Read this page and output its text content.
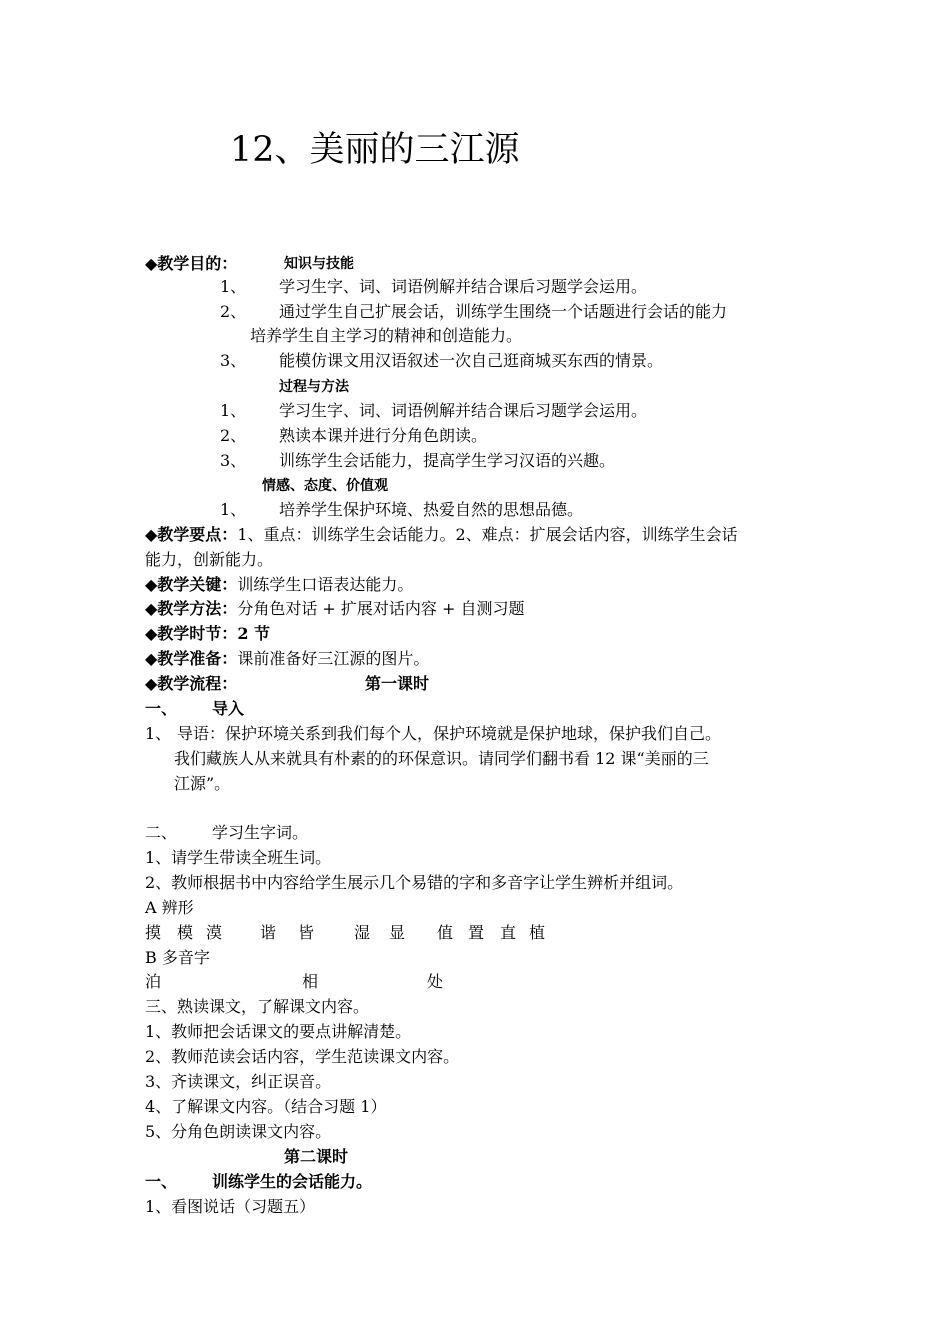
12、美丽的三江源
◆教学目的：	知识与技能
1、 学习生字、词、词语例解并结合课后习题学会运用。
2、 通过学生自己扩展会话，训练学生围绕一个话题进行会话的能力
培养学生自主学习的精神和创造能力。
3、 能模仿课文用汉语叙述一次自己逛商城买东西的情景。
过程与方法
1、 学习生字、词、词语例解并结合课后习题学会运用。
2、 熟读本课并进行分角色朗读。
3、 训练学生会话能力，提高学生学习汉语的兴趣。
情感、态度、价值观
1、 培养学生保护环境、热爱自然的思想品德。
◆教学要点：1、重点：训练学生会话能力。2、难点：扩展会话内容，训练学生会话
能力，创新能力。
◆教学关键：训练学生口语表达能力。
◆教学方法：分角色对话 + 扩展对话内容 + 自测习题
◆教学时节：2 节
◆教学准备：课前准备好三江源的图片。
◆教学流程：	第一课时
一、 导入
1、 导语：保护环境关系到我们每个人，保护环境就是保护地球，保护我们自己。
我们藏族人从来就具有朴素的的环保意识。请同学们翻书看 12 课“美丽的三
江源”。
二、 学习生字词。
1、请学生带读全班生词。
2、教师根据书中内容给学生展示几个易错的字和多音字让学生辨析并组词。
A 辨形
摸 模 漠 谐 皆 湿 显 值 置 直 植
B 多音字
泊	相	处
三、熟读课文，了解课文内容。
1、教师把会话课文的要点讲解清楚。
2、教师范读会话内容，学生范读课文内容。
3、齐读课文，纠正误音。
4、了解课文内容。（结合习题 1）
5、分角色朗读课文内容。
第二课时
一、 训练学生的会话能力。
1、看图说话（习题五）
